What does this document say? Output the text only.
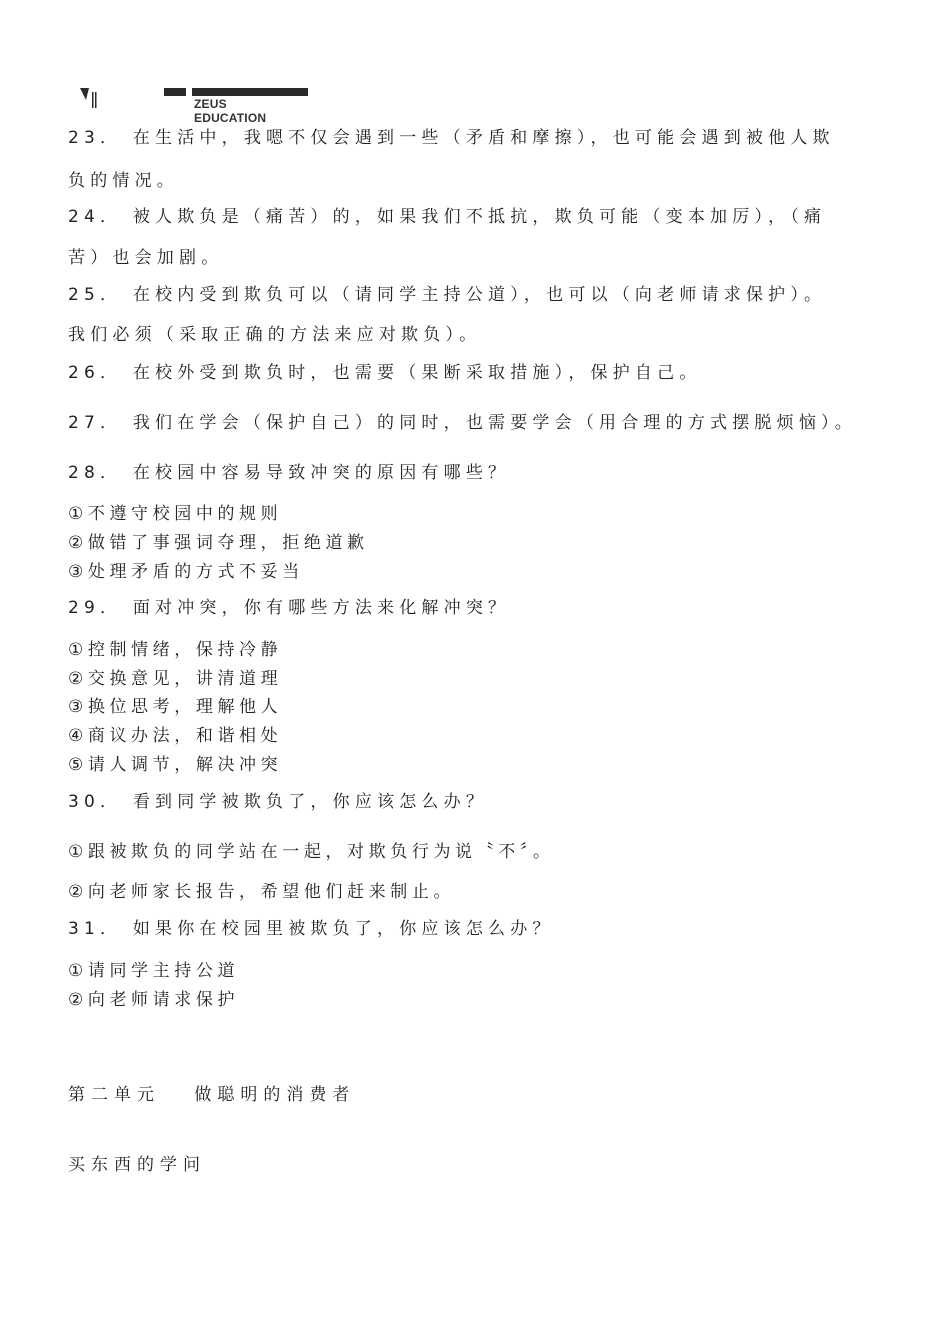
ZEUS EDUCATION
23． 在生活中，我嗯不仅会遇到一些（矛盾和摩擦），也可能会遇到被他人欺
负的情况。
24． 被人欺负是（痛苦）的，如果我们不抵抗，欺负可能（变本加厉），（痛
苦）也会加剧。
25． 在校内受到欺负可以（请同学主持公道），也可以（向老师请求保护）。
我们必须（采取正确的方法来应对欺负）。
26． 在校外受到欺负时，也需要（果断采取措施），保护自己。
27． 我们在学会（保护自己）的同时，也需要学会（用合理的方式摆脱烦恼）。
28． 在校园中容易导致冲突的原因有哪些？
①不遵守校园中的规则
②做错了事强词夺理，拒绝道歉
③处理矛盾的方式不妥当
29． 面对冲突，你有哪些方法来化解冲突？
①控制情绪，保持冷静
②交换意见，讲清道理
③换位思考，理解他人
④商议办法，和谐相处
⑤请人调节，解决冲突
30． 看到同学被欺负了，你应该怎么办？
①跟被欺负的同学站在一起，对欺负行为说〝不〞。
②向老师家长报告，希望他们赶来制止。
31． 如果你在校园里被欺负了，你应该怎么办？
①请同学主持公道
②向老师请求保护
第二单元　 做聪明的消费者
买东西的学问
